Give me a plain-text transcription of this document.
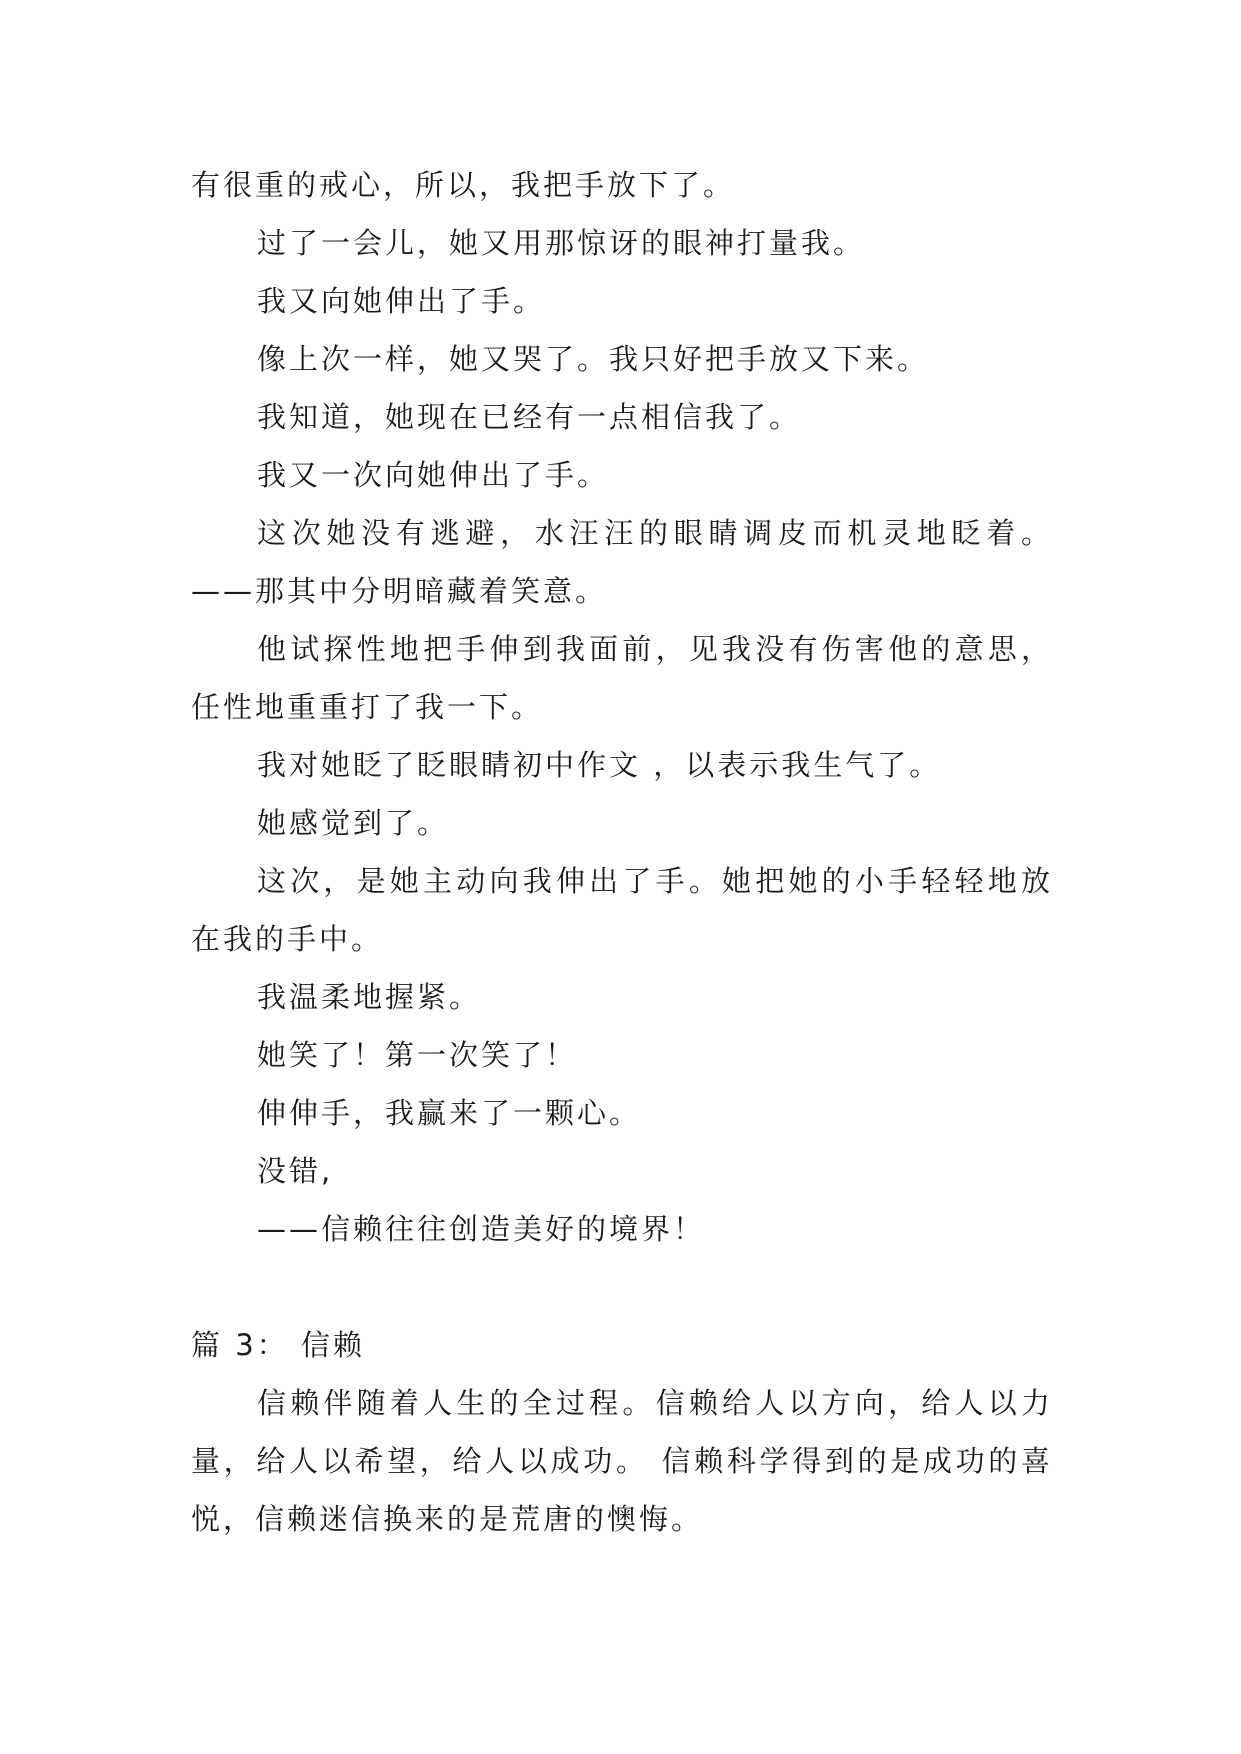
有很重的戒心，所以，我把手放下了。

过了一会儿，她又用那惊讶的眼神打量我。

我又向她伸出了手。

像上次一样，她又哭了。我只好把手放又下来。

我知道，她现在已经有一点相信我了。

我又一次向她伸出了手。

这次她没有逃避，水汪汪的眼睛调皮而机灵地眨着。——那其中分明暗藏着笑意。

他试探性地把手伸到我面前，见我没有伤害他的意思，任性地重重打了我一下。

我对她眨了眨眼睛初中作文 ，以表示我生气了。

她感觉到了。

这次，是她主动向我伸出了手。她把她的小手轻轻地放在我的手中。

我温柔地握紧。

她笑了！第一次笑了！

伸伸手，我赢来了一颗心。

没错,

——信赖往往创造美好的境界！

篇 3： 信赖

信赖伴随着人生的全过程。信赖给人以方向，给人以力量，给人以希望，给人以成功。 信赖科学得到的是成功的喜悦，信赖迷信换来的是荒唐的懊悔。
